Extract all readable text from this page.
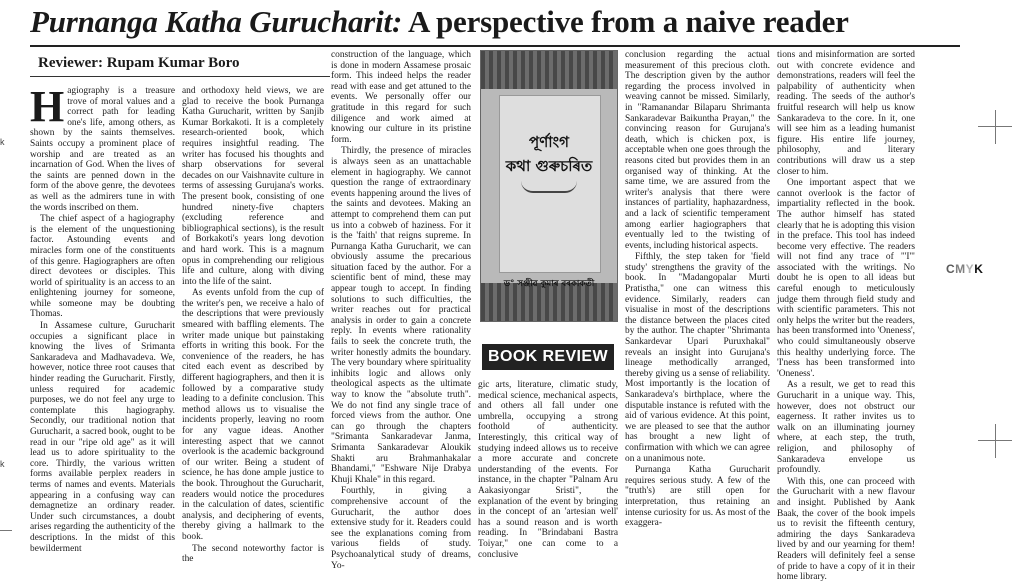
Purnanga Katha Gurucharit: A perspective from a naive reader
Reviewer: Rupam Kumar Boro

Hagiography is a treasure trove of moral values and a correct path for leading one's life, among others, as shown by the saints themselves. Saints occupy a prominent place of worship and are treated as an incarnation of God. When the lives of the saints are penned down in the form of the above genre, the devotees as well as the admirers tune in with the words inscribed on them.

The chief aspect of a hagiography is the element of the unquestioning factor. Astounding events and miracles form one of the constituents of this genre. Hagiographers are often direct devotees or disciples. This world of spirituality is an access to an enlightening journey for someone, while someone may be doubting Thomas.

In Assamese culture, Gurucharit occupies a significant place in knowing the lives of Srimanta Sankaradeva and Madhavadeva. We, however, notice three root causes that hinder reading the Gurucharit. Firstly, unless required for academic purposes, we do not feel any urge to contemplate this hagiography. Secondly, our traditional notion that Gurucharit, a sacred book, ought to be read in our "ripe old age" as it will lead us to adore spirituality to the core. Thirdly, the various written forms available perplex readers in terms of names and events. Materials appearing in a confusing way can demagnetize an ordinary reader. Under such circumstances, a doubt arises regarding the authenticity of the descriptions. In the midst of this bewilderment

and orthodoxy held views, we are glad to receive the book Purnanga Katha Gurucharit, written by Sanjib Kumar Borkakoti. It is a completely research-oriented book, which requires insightful reading. The writer has focused his thoughts and sharp observations for several decades on our Vaishnavite culture in terms of assessing Gurujana's works. The present book, consisting of one hundred ninety-five chapters (excluding reference and bibliographical sections), is the result of Borkakoti's years long devotion and hard work. This is a magnum opus in comprehending our religious life and culture, along with diving into the life of the saint.

As events unfold from the cup of the writer's pen, we receive a halo of the descriptions that were previously smeared with baffling elements. The writer made unique but painstaking efforts in writing this book. For the convenience of the readers, he has cited each event as described by different hagiographers, and then it is followed by a comparative study leading to a definite conclusion. This method allows us to visualise the incidents properly, leaving no room for any vague ideas. Another interesting aspect that we cannot overlook is the academic background of our writer. Being a student of science, he has done ample justice to the book. Throughout the Gurucharit, readers would notice the procedures in the calculation of dates, scientific analysis, and deciphering of events, thereby giving a hallmark to the book.

The second noteworthy factor is the

construction of the language, which is done in modern Assamese prosaic form. This indeed helps the reader read with ease and get attuned to the events. We personally offer our gratitude in this regard for such diligence and work aimed at knowing our culture in its pristine form.

Thirdly, the presence of miracles is always seen as an unattachable element in hagiography. We cannot question the range of extraordinary events happening around the lives of the saints and devotees. Making an attempt to comprehend them can put us into a cobweb of haziness. For it is the 'faith' that reigns supreme. In Purnanga Katha Gurucharit, we can obviously assume the precarious situation faced by the author. For a scientific bent of mind, these may appear tough to accept. In finding solutions to such difficulties, the writer reaches out for practical analysis in order to gain a concrete reply. In events where rationality fails to seek the concrete truth, the writer honestly admits the boundary. The very boundary where spirituality inhibits logic and allows only theological aspects as the ultimate way to know the "absolute truth". We do not find any single trace of forced views from the author. One can go through the chapters "Srimanta Sankaradevar Janma, Srimanta Sankaradevar Aloukik Shakti aru Brahmanhakalar Bhandami," "Eshware Nije Drabya Khuji Khale" in this regard.

Fourthly, in giving a comprehensive account of the Gurucharit, the author does extensive study for it. Readers could see the explanations coming from various fields of study. Psychoanalytical study of dreams, Yo-

পূৰ্ণাংগ
কথা গুৰুচৰিত
ড° সঞ্জীৱ কুমাৰ বৰকাকতী
BOOK REVIEW

gic arts, literature, climatic study, medical science, mechanical aspects, and others all fall under one umbrella, occupying a strong foothold of authenticity. Interestingly, this critical way of studying indeed allows us to receive a more accurate and concrete understanding of the events. For instance, in the chapter "Palnam Aru Aakasiyongar Sristi", the explanation of the event by bringing in the concept of an 'artesian well' has a sound reason and is worth reading. In "Brindabani Bastra Toiyar," one can come to a conclusive

conclusion regarding the actual measurement of this precious cloth. The description given by the author regarding the process involved in weaving cannot be missed. Similarly, in "Ramanandar Bilaparu Shrimanta Sankaradevar Baikuntha Prayan," the convincing reason for Gurujana's death, which is chicken pox, is acceptable when one goes through the reasons cited but provides them in an organised way of thinking. At the same time, we are assured from the writer's analysis that there were instances of partiality, haphazardness, and a lack of scientific temperament among earlier hagiographers that eventually led to the twisting of events, including historical aspects.

Fifthly, the step taken for 'field study' strengthens the gravity of the book. In "Madangopalar Murti Pratistha," one can witness this evidence. Similarly, readers can visualise in most of the descriptions the distance between the places cited by the author. The chapter "Shrimanta Sankardevar Upari Puruxhakal" reveals an insight into Gurujana's lineage methodically arranged, thereby giving us a sense of reliability. Most importantly is the location of Sankaradeva's birthplace, where the disputable instance is refuted with the aid of various evidence. At this point, we are pleased to see that the author has brought a new light of confirmation with which we can agree on a unanimous note.

Purnanga Katha Gurucharit requires serious study. A few of the "truth's) are still open for interpretation, thus retaining an intense curiosity for us. As most of the exaggera-

tions and misinformation are sorted out with concrete evidence and demonstrations, readers will feel the palpability of authenticity when reading. The seeds of the author's fruitful research will help us know Sankaradeva to the core. In it, one will see him as a leading humanist figure. His entire life journey, philosophy, and literary contributions will draw us a step closer to him.

One important aspect that we cannot overlook is the factor of impartiality reflected in the book. The author himself has stated clearly that he is adopting this vision in the preface. This tool has indeed become very effective. The readers will not find any trace of "'I'" associated with the writings. No doubt he is open to all ideas but careful enough to meticulously judge them through field study and with scientific parameters. This not only helps the writer but the readers, has been transformed into 'Oneness', who could simultaneously observe this healthy underlying force. The 'I'ness has been transformed into 'Oneness'.

As a result, we get to read this Gurucharit in a unique way. This, however, does not obstruct our eagerness. It rather invites us to walk on an illuminating journey where, at each step, the truth, religion, and philosophy of Sankaradeva envelope us profoundly.

With this, one can proceed with the Gurucharit with a new flavour and insight. Published by Aank Baak, the cover of the book impels us to revisit the fifteenth century, admiring the days Sankaradeva lived by and our yearning for them! Readers will definitely feel a sense of pride to have a copy of it in their home library.

CMYK
k
k
